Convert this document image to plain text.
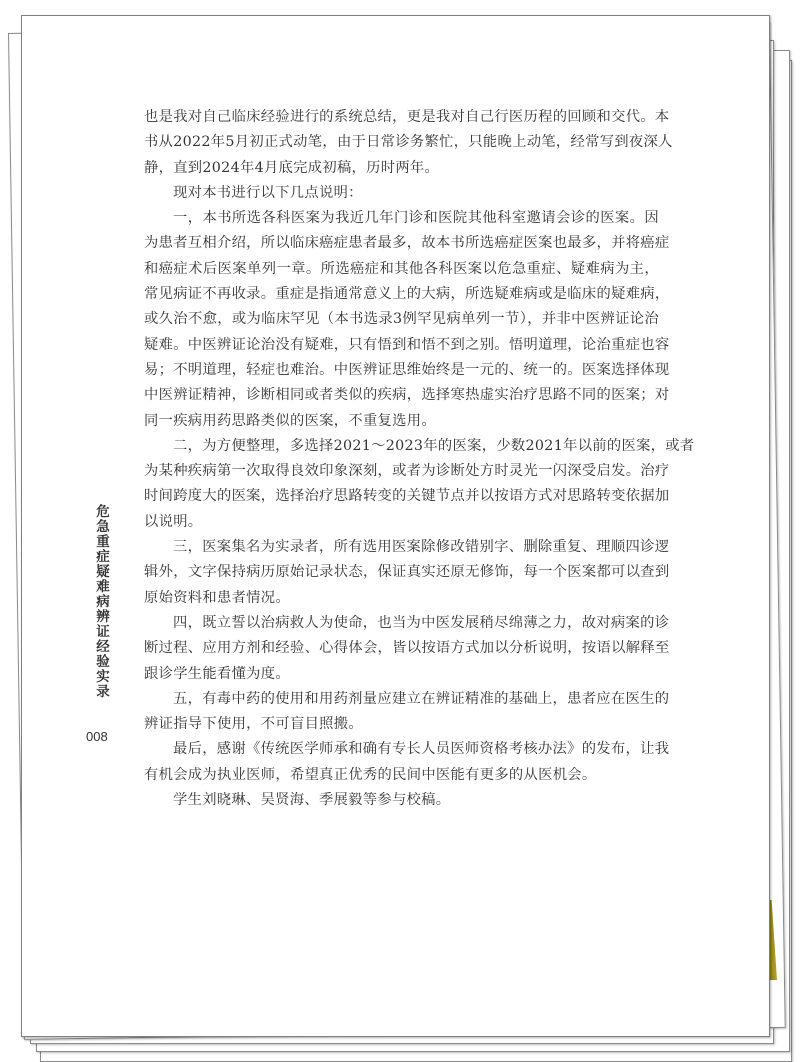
危急重症疑难病辨证经验实录
008
也是我对自己临床经验进行的系统总结，更是我对自己行医历程的回顾和交代。本
书从2022年5月初正式动笔，由于日常诊务繁忙，只能晚上动笔，经常写到夜深人
静，直到2024年4月底完成初稿，历时两年。
现对本书进行以下几点说明：
一，本书所选各科医案为我近几年门诊和医院其他科室邀请会诊的医案。因
为患者互相介绍，所以临床癌症患者最多，故本书所选癌症医案也最多，并将癌症
和癌症术后医案单列一章。所选癌症和其他各科医案以危急重症、疑难病为主，
常见病证不再收录。重症是指通常意义上的大病，所选疑难病或是临床的疑难病，
或久治不愈，或为临床罕见（本书选录3例罕见病单列一节），并非中医辨证论治
疑难。中医辨证论治没有疑难，只有悟到和悟不到之别。悟明道理，论治重症也容
易；不明道理，轻症也难治。中医辨证思维始终是一元的、统一的。医案选择体现
中医辨证精神，诊断相同或者类似的疾病，选择寒热虚实治疗思路不同的医案；对
同一疾病用药思路类似的医案，不重复选用。
二，为方便整理，多选择2021～2023年的医案，少数2021年以前的医案，或者
为某种疾病第一次取得良效印象深刻，或者为诊断处方时灵光一闪深受启发。治疗
时间跨度大的医案，选择治疗思路转变的关键节点并以按语方式对思路转变依据加
以说明。
三，医案集名为实录者，所有选用医案除修改错别字、删除重复、理顺四诊逻
辑外，文字保持病历原始记录状态，保证真实还原无修饰，每一个医案都可以查到
原始资料和患者情况。
四，既立誓以治病救人为使命，也当为中医发展稍尽绵薄之力，故对病案的诊
断过程、应用方剂和经验、心得体会，皆以按语方式加以分析说明，按语以解释至
跟诊学生能看懂为度。
五，有毒中药的使用和用药剂量应建立在辨证精准的基础上，患者应在医生的
辨证指导下使用，不可盲目照搬。
最后，感谢《传统医学师承和确有专长人员医师资格考核办法》的发布，让我
有机会成为执业医师，希望真正优秀的民间中医能有更多的从医机会。
学生刘晓琳、吴贤海、季展毅等参与校稿。
